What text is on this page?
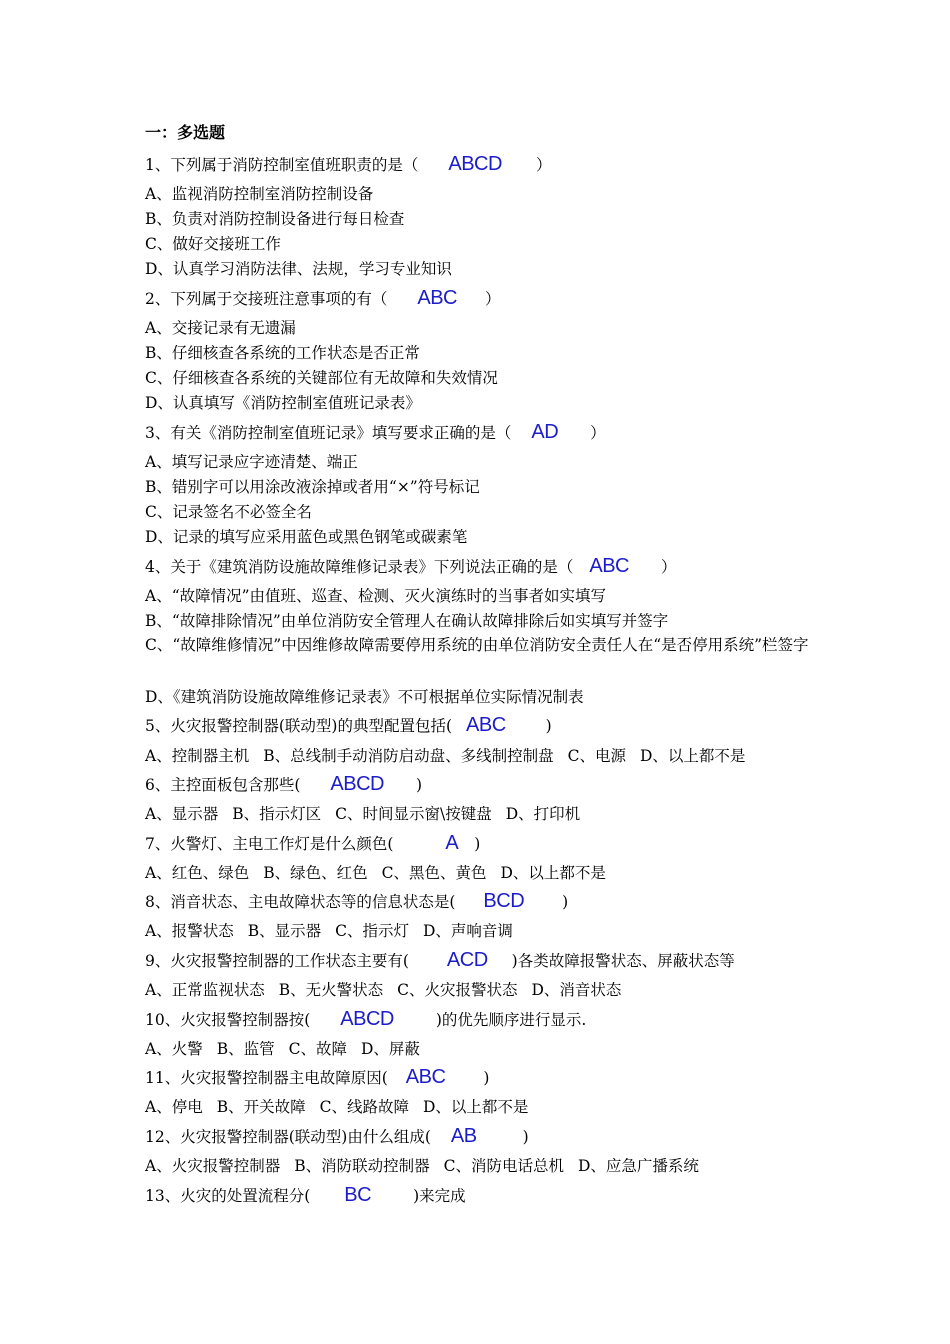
一：多选题
1、下列属于消防控制室值班职责的是（ ABCD ）
A、监视消防控制室消防控制设备
B、负责对消防控制设备进行每日检查
C、做好交接班工作
D、认真学习消防法律、法规，学习专业知识
2、下列属于交接班注意事项的有（ ABC ）
A、交接记录有无遗漏
B、仔细核查各系统的工作状态是否正常
C、仔细核查各系统的关键部位有无故障和失效情况
D、认真填写《消防控制室值班记录表》
3、有关《消防控制室值班记录》填写要求正确的是（ AD ）
A、填写记录应字迹清楚、端正
B、错别字可以用涂改液涂掉或者用“×”符号标记
C、记录签名不必签全名
D、记录的填写应采用蓝色或黑色钢笔或碳素笔
4、关于《建筑消防设施故障维修记录表》下列说法正确的是（ ABC ）
A、“故障情况”由值班、巡查、检测、灭火演练时的当事者如实填写
B、“故障排除情况”由单位消防安全管理人在确认故障排除后如实填写并签字
C、“故障维修情况”中因维修故障需要停用系统的由单位消防安全责任人在“是否停用系统”栏签字
D、《建筑消防设施故障维修记录表》不可根据单位实际情况制表
5、火灾报警控制器(联动型)的典型配置包括( ABC	)
A、控制器主机 B、总线制手动消防启动盘、多线制控制盘 C、电源 D、以上都不是
6、主控面板包含那些( ABCD )
A、显示器 B、指示灯区 C、时间显示窗\按键盘 D、打印机
7、火警灯、主电工作灯是什么颜色(	A )
A、红色、绿色 B、绿色、红色 C、黑色、黄色 D、以上都不是
8、消音状态、主电故障状态等的信息状态是( BCD )
A、报警状态 B、显示器 C、指示灯 D、声响音调
9、火灾报警控制器的工作状态主要有( ACD )各类故障报警状态、屏蔽状态等
A、正常监视状态 B、无火警状态 C、火灾报警状态 D、消音状态
10、火灾报警控制器按( ABCD	)的优先顺序进行显示.
A、火警 B、监管 C、故障 D、屏蔽
11、火灾报警控制器主电故障原因( ABC )
A、停电 B、开关故障 C、线路故障 D、以上都不是
12、火灾报警控制器(联动型)由什么组成( AB	)
A、火灾报警控制器 B、消防联动控制器 C、消防电话总机 D、应急广播系统
13、火灾的处置流程分( BC	)来完成
